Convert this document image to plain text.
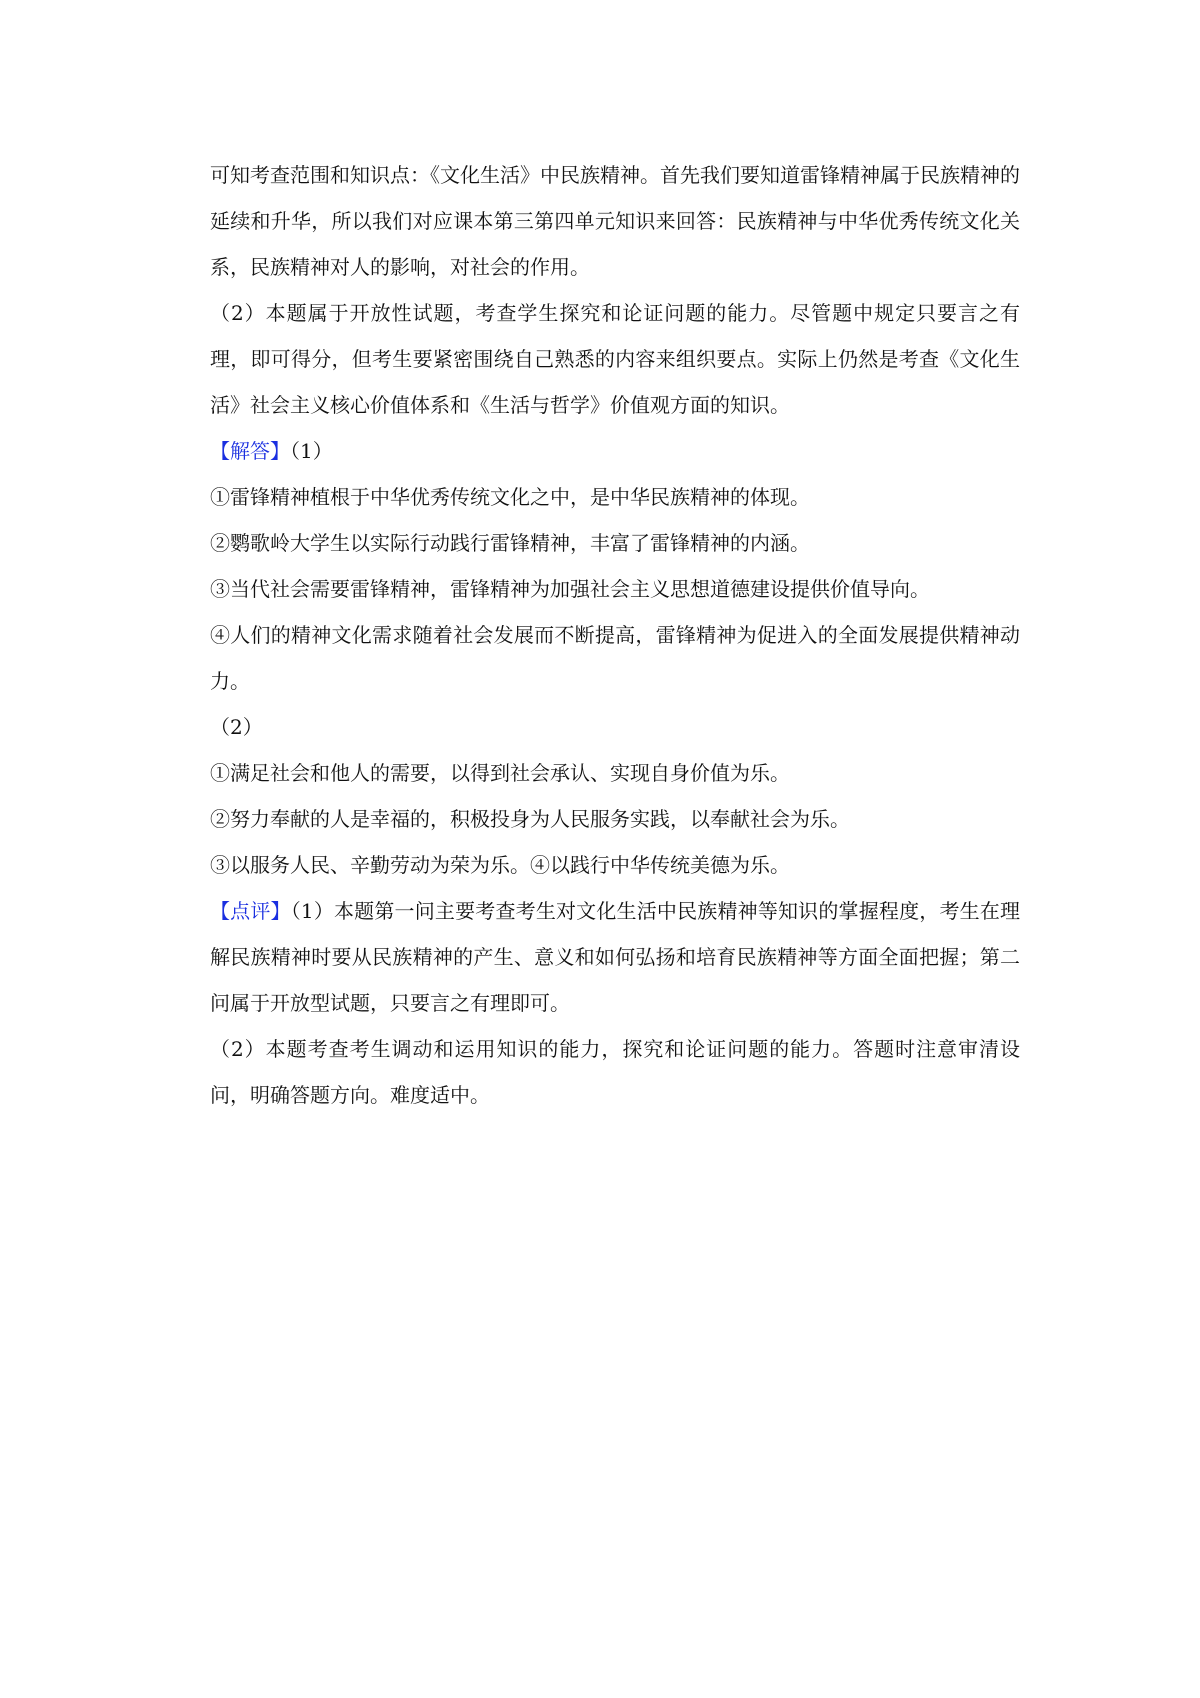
可知考查范围和知识点：《文化生活》中民族精神。首先我们要知道雷锋精神属于民族精神的延续和升华，所以我们对应课本第三第四单元知识来回答：民族精神与中华优秀传统文化关系，民族精神对人的影响，对社会的作用。

（2）本题属于开放性试题，考查学生探究和论证问题的能力。尽管题中规定只要言之有理，即可得分，但考生要紧密围绕自己熟悉的内容来组织要点。实际上仍然是考查《文化生活》社会主义核心价值体系和《生活与哲学》价值观方面的知识。

【解答】（1）

①雷锋精神植根于中华优秀传统文化之中，是中华民族精神的体现。

②鹦歌岭大学生以实际行动践行雷锋精神，丰富了雷锋精神的内涵。

③当代社会需要雷锋精神，雷锋精神为加强社会主义思想道德建设提供价值导向。

④人们的精神文化需求随着社会发展而不断提高，雷锋精神为促进入的全面发展提供精神动力。

（2）

①满足社会和他人的需要，以得到社会承认、实现自身价值为乐。

②努力奉献的人是幸福的，积极投身为人民服务实践，以奉献社会为乐。

③以服务人民、辛勤劳动为荣为乐。④以践行中华传统美德为乐。

【点评】（1）本题第一问主要考查考生对文化生活中民族精神等知识的掌握程度，考生在理解民族精神时要从民族精神的产生、意义和如何弘扬和培育民族精神等方面全面把握；第二问属于开放型试题，只要言之有理即可。

（2）本题考查考生调动和运用知识的能力，探究和论证问题的能力。答题时注意审清设问，明确答题方向。难度适中。
